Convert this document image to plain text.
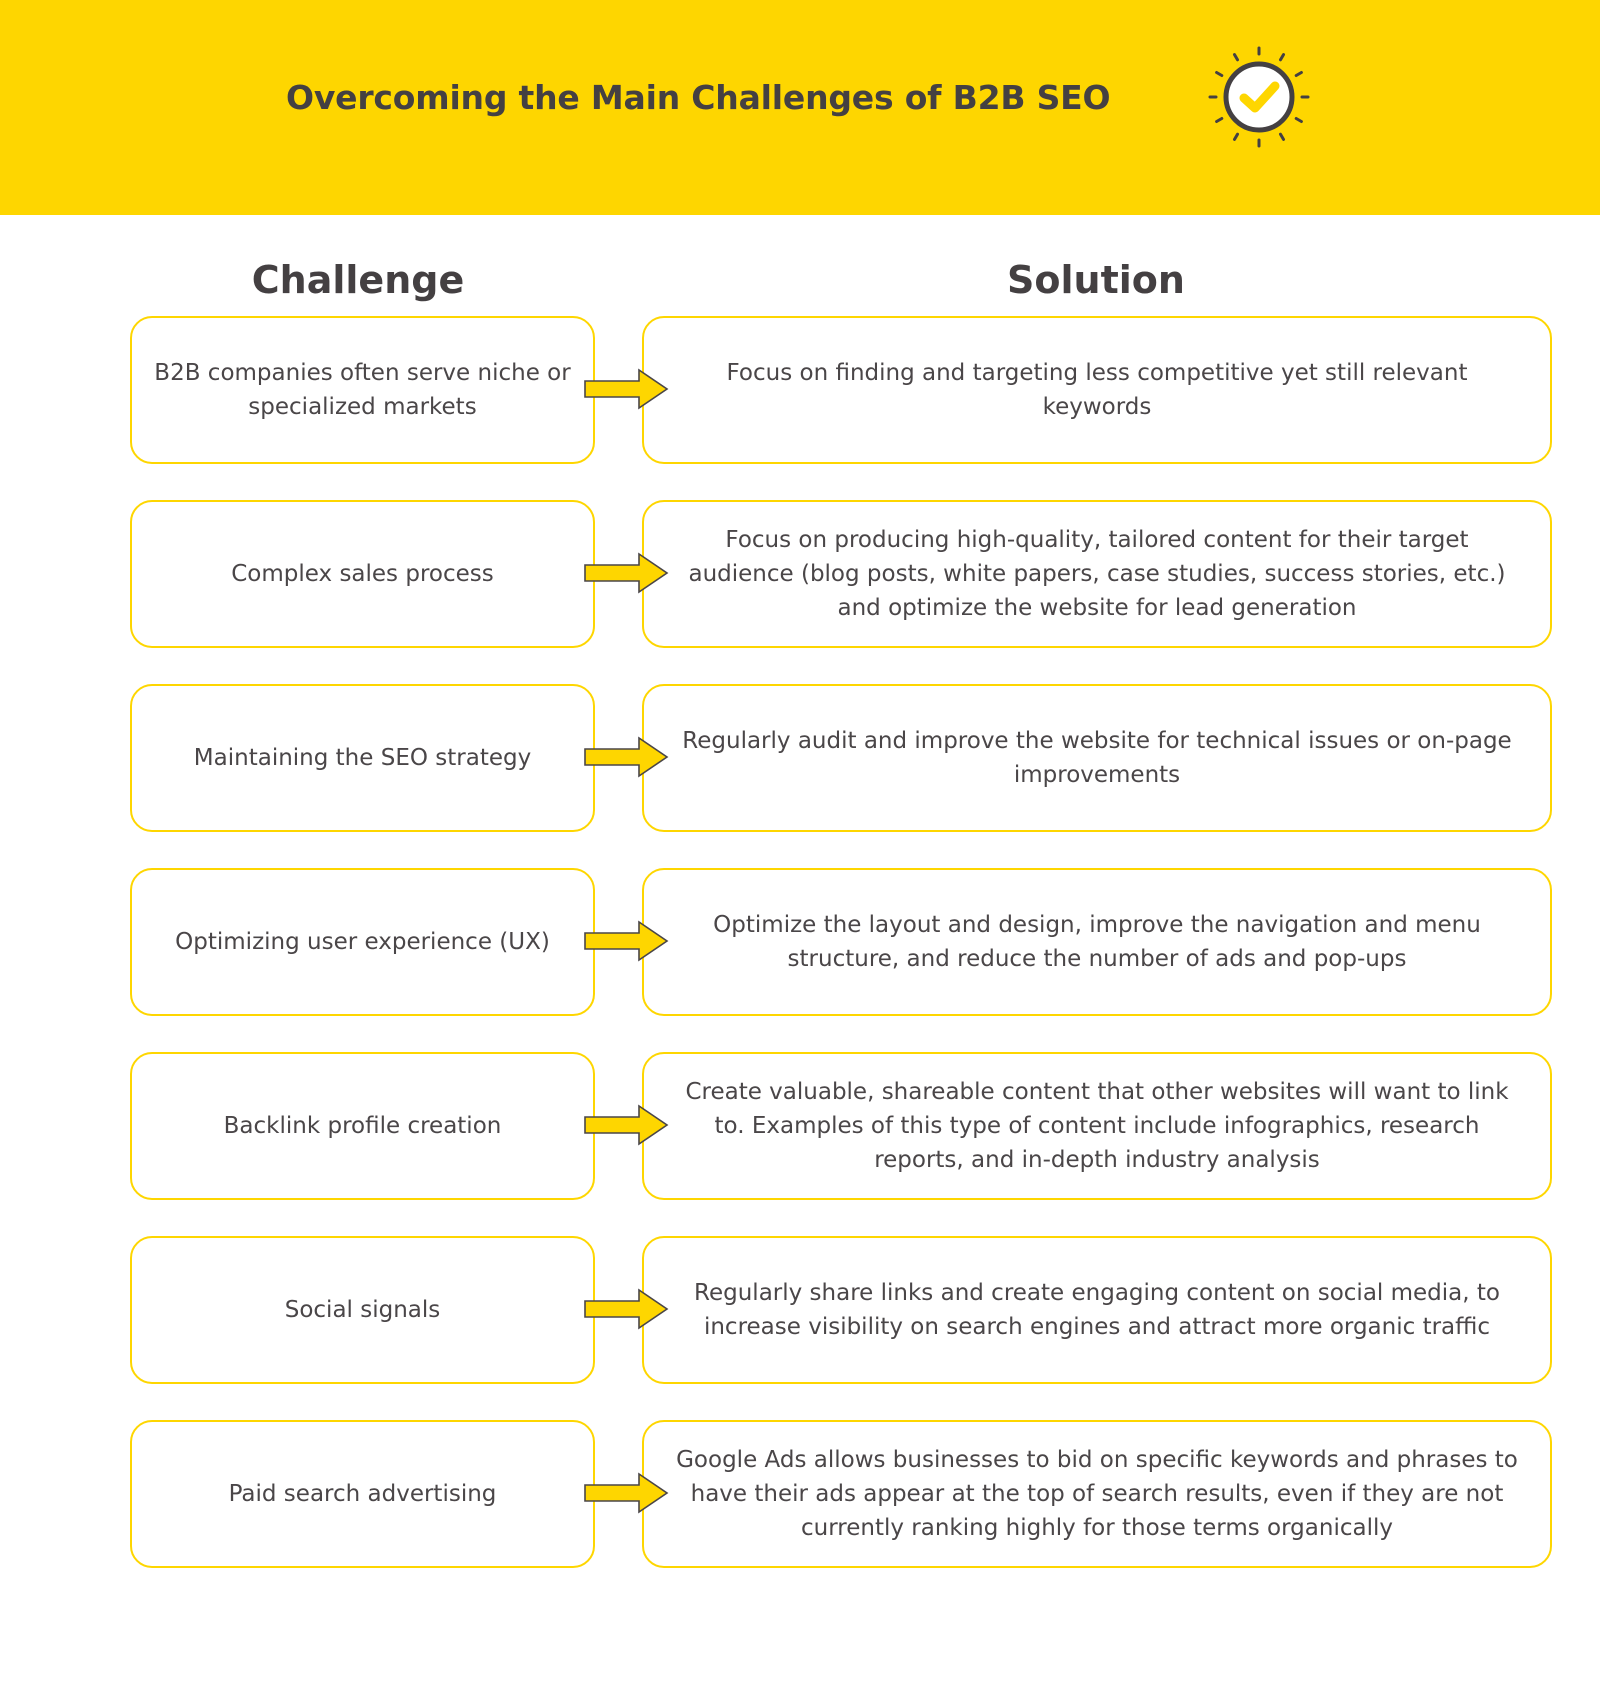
Overcoming the Main Challenges of B2B SEO
Challenge	Solution
B2B companies often serve niche or specialized markets
Focus on finding and targeting less competitive yet still relevant keywords
Complex sales process
Focus on producing high-quality, tailored content for their target audience (blog posts, white papers, case studies, success stories, etc.) and optimize the website for lead generation
Maintaining the SEO strategy
Regularly audit and improve the website for technical issues or on-page improvements
Optimizing user experience (UX)
Optimize the layout and design, improve the navigation and menu structure, and reduce the number of ads and pop-ups
Backlink profile creation
Create valuable, shareable content that other websites will want to link to. Examples of this type of content include infographics, research reports, and in-depth industry analysis
Social signals
Regularly share links and create engaging content on social media, to increase visibility on search engines and attract more organic traffic
Paid search advertising
Google Ads allows businesses to bid on specific keywords and phrases to have their ads appear at the top of search results, even if they are not currently ranking highly for those terms organically
